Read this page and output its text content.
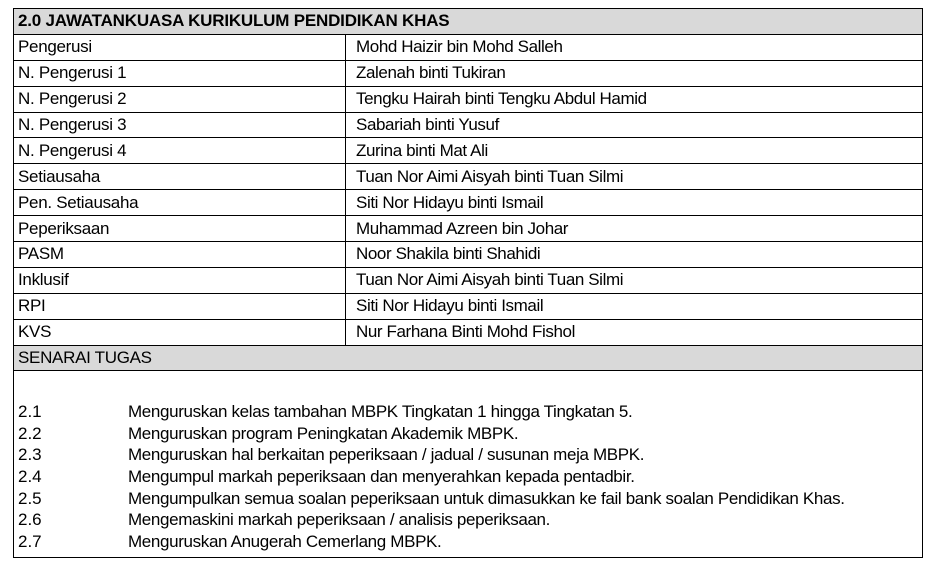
2.0 JAWATANKUASA KURIKULUM PENDIDIKAN KHAS
Pengerusi	Mohd Haizir bin Mohd Salleh
N. Pengerusi 1	Zalenah binti Tukiran
N. Pengerusi 2	Tengku Hairah binti Tengku Abdul Hamid
N. Pengerusi 3	Sabariah binti Yusuf
N. Pengerusi 4	Zurina binti Mat Ali
Setiausaha	Tuan Nor Aimi Aisyah binti Tuan Silmi
Pen. Setiausaha	Siti Nor Hidayu binti Ismail
Peperiksaan	Muhammad Azreen bin Johar
PASM	Noor Shakila binti Shahidi
Inklusif	Tuan Nor Aimi Aisyah binti Tuan Silmi
RPI	Siti Nor Hidayu binti Ismail
KVS	Nur Farhana Binti Mohd Fishol
SENARAI TUGAS
2.1	Menguruskan kelas tambahan MBPK Tingkatan 1 hingga Tingkatan 5.
2.2	Menguruskan program Peningkatan Akademik MBPK.
2.3	Menguruskan hal berkaitan peperiksaan / jadual / susunan meja MBPK.
2.4	Mengumpul markah peperiksaan dan menyerahkan kepada pentadbir.
2.5	Mengumpulkan semua soalan peperiksaan untuk dimasukkan ke fail bank soalan Pendidikan Khas.
2.6	Mengemaskini markah peperiksaan / analisis peperiksaan.
2.7	Menguruskan Anugerah Cemerlang MBPK.
